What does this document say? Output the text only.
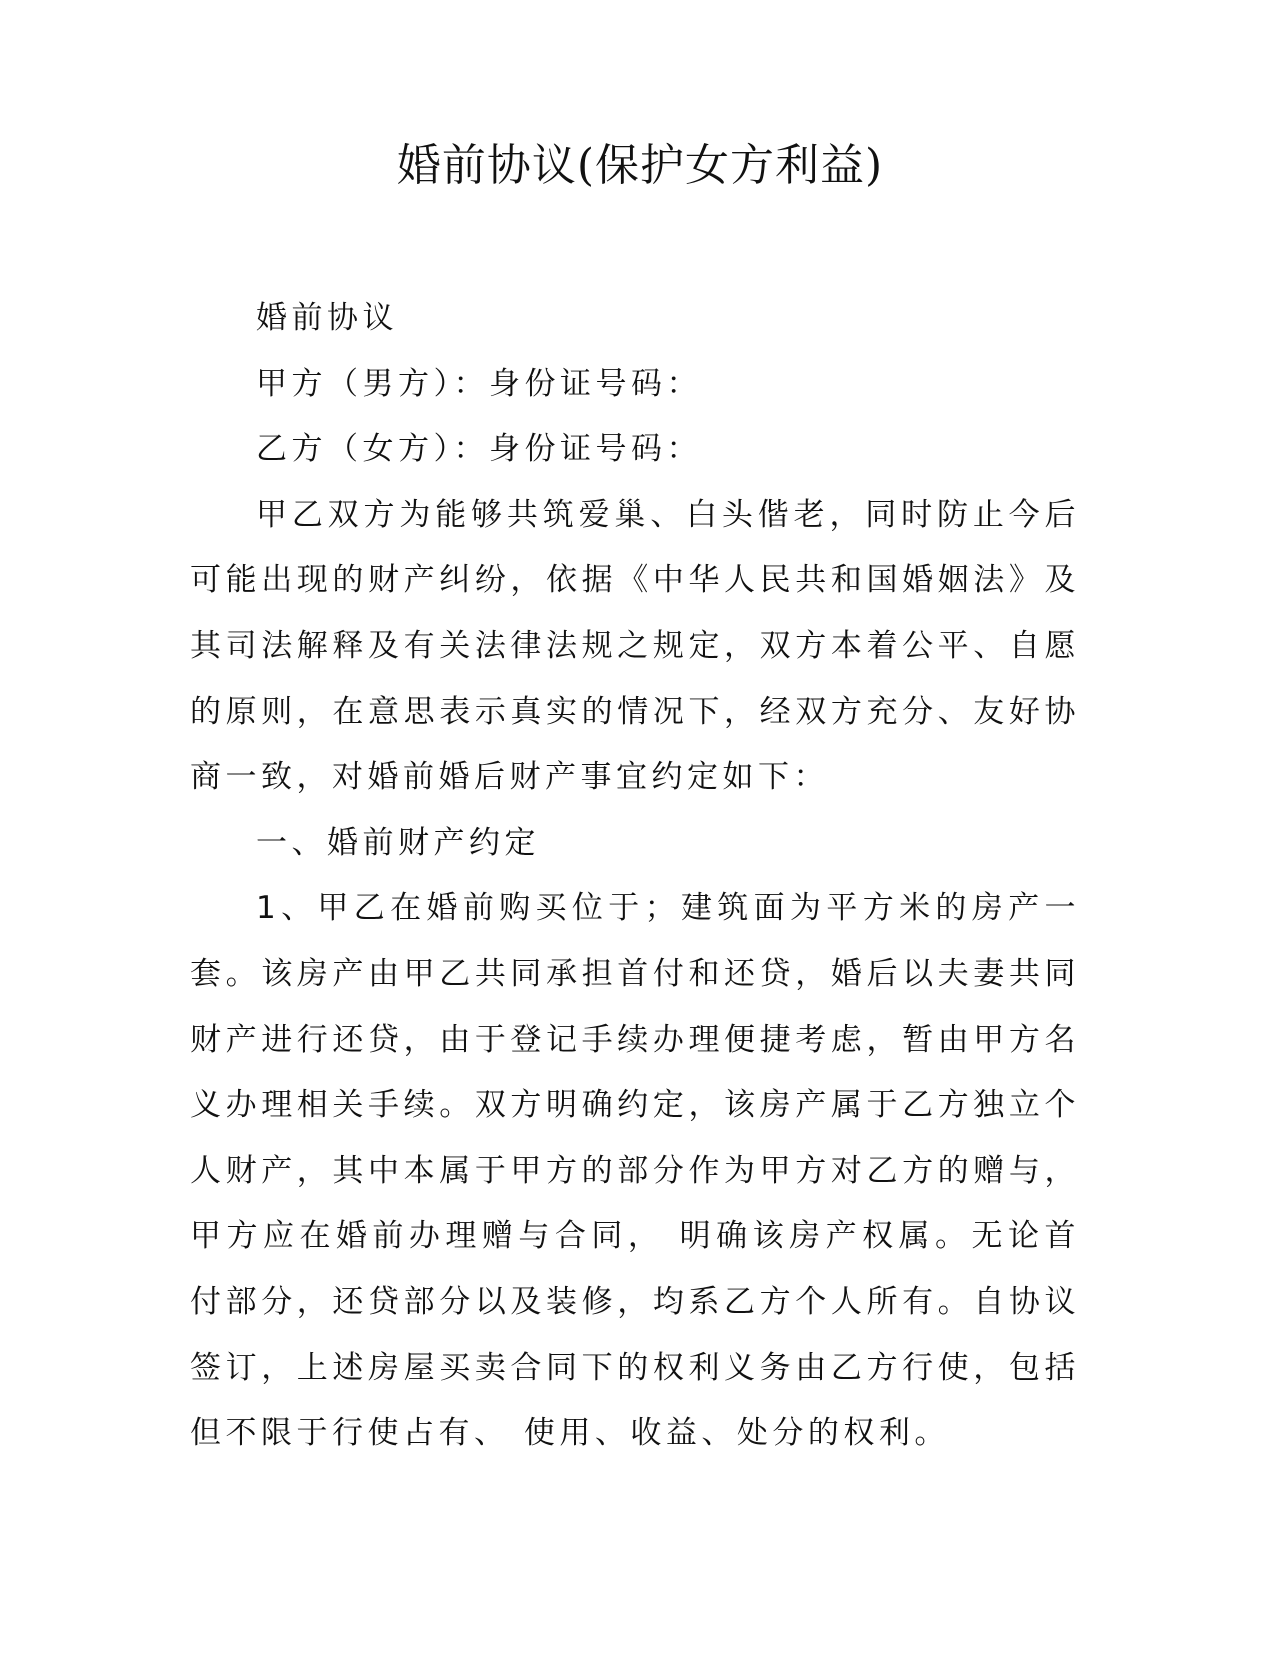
婚前协议(保护女方利益)

婚前协议

甲方（男方）：身份证号码：

乙方（女方）：身份证号码：

甲乙双方为能够共筑爱巢、白头偕老，同时防止今后可能出现的财产纠纷，依据《中华人民共和国婚姻法》及其司法解释及有关法律法规之规定，双方本着公平、自愿的原则，在意思表示真实的情况下，经双方充分、友好协商一致，对婚前婚后财产事宜约定如下：

一、婚前财产约定

1、甲乙在婚前购买位于；建筑面为平方米的房产一套。该房产由甲乙共同承担首付和还贷，婚后以夫妻共同财产进行还贷，由于登记手续办理便捷考虑，暂由甲方名义办理相关手续。双方明确约定，该房产属于乙方独立个人财产，其中本属于甲方的部分作为甲方对乙方的赠与，甲方应在婚前办理赠与合同， 明确该房产权属。无论首付部分，还贷部分以及装修，均系乙方个人所有。自协议签订，上述房屋买卖合同下的权利义务由乙方行使，包括但不限于行使占有、 使用、收益、处分的权利。
